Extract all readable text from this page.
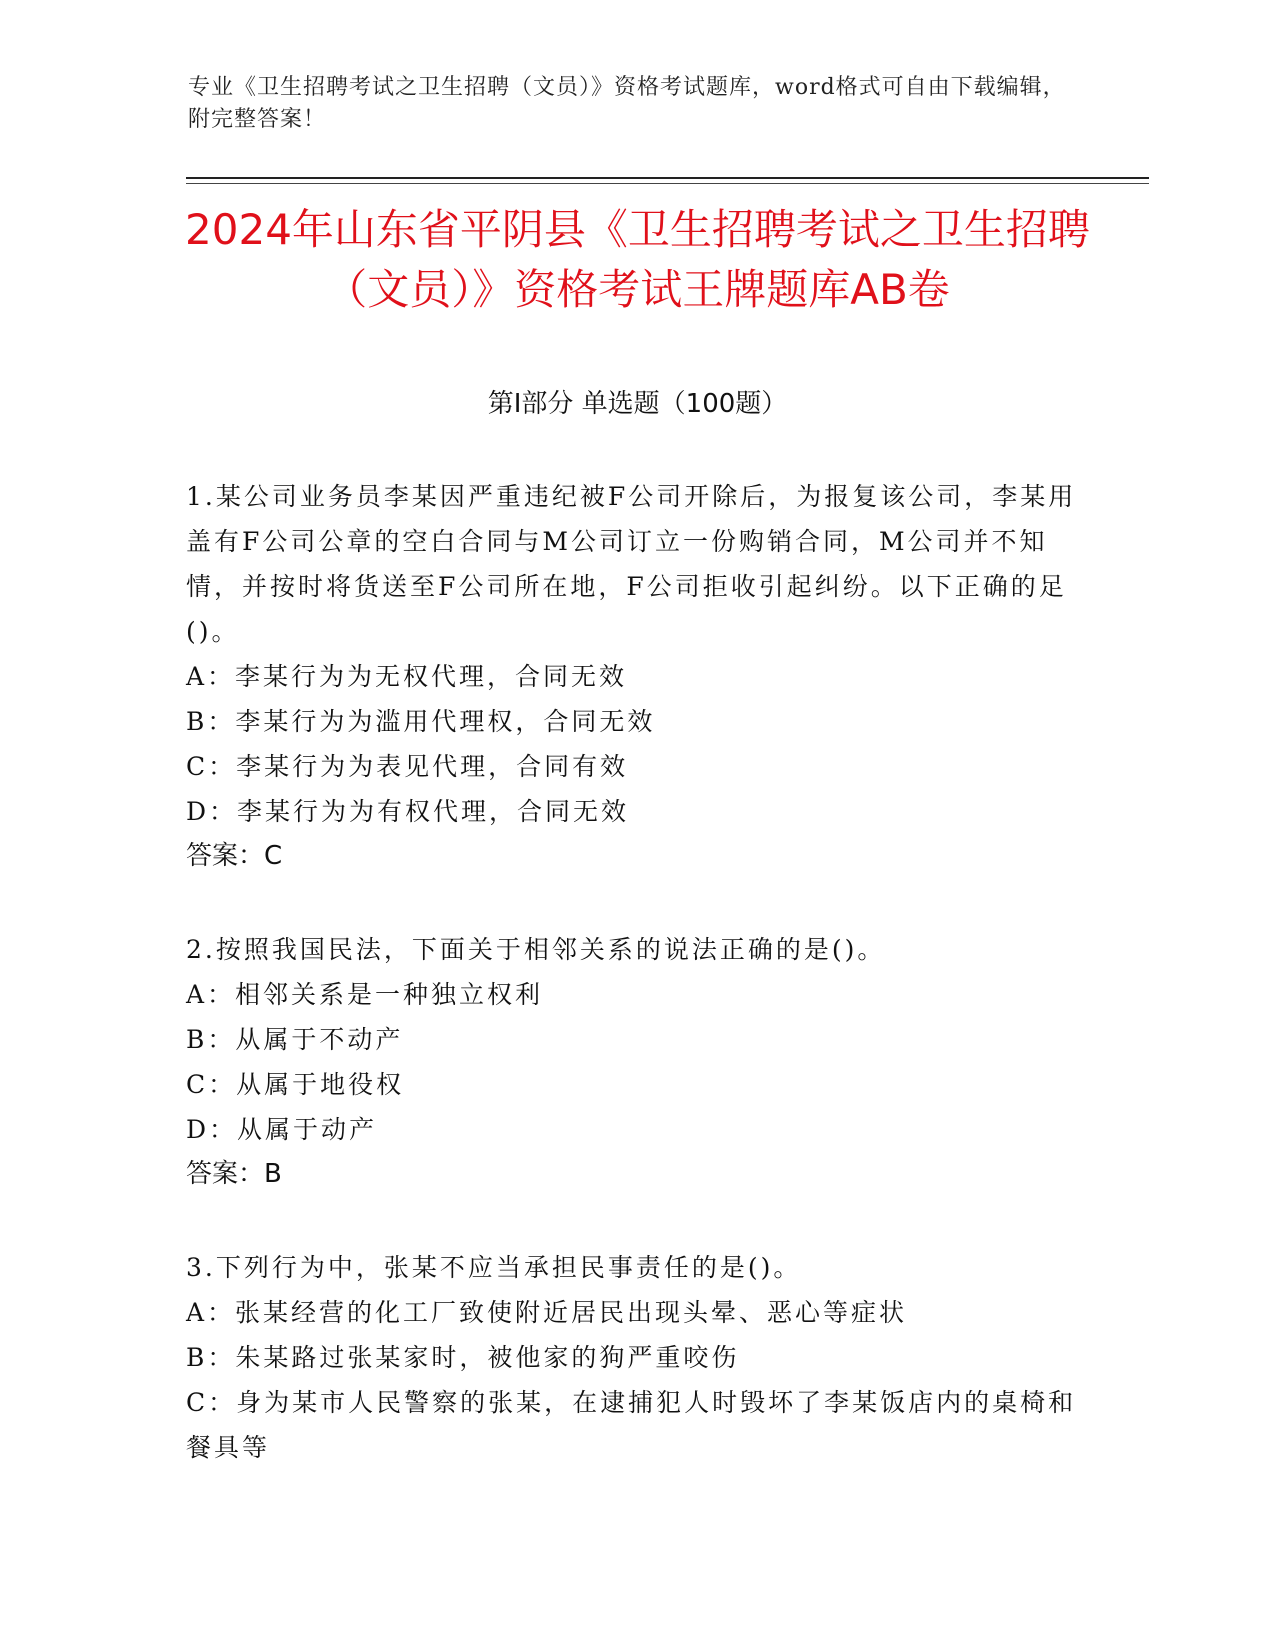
专业《卫生招聘考试之卫生招聘（文员）》资格考试题库，word格式可自由下载编辑，附完整答案！
2024年山东省平阴县《卫生招聘考试之卫生招聘（文员）》资格考试王牌题库AB卷
第Ⅰ部分 单选题（100题）

1.某公司业务员李某因严重违纪被F公司开除后，为报复该公司，李某用盖有F公司公章的空白合同与M公司订立一份购销合同，M公司并不知情，并按时将货送至F公司所在地，F公司拒收引起纠纷。以下正确的足()。

A：李某行为为无权代理，合同无效

B：李某行为为滥用代理权，合同无效

C：李某行为为表见代理，合同有效

D：李某行为为有权代理，合同无效

答案：C

2.按照我国民法，下面关于相邻关系的说法正确的是()。

A：相邻关系是一种独立权利

B：从属于不动产

C：从属于地役权

D：从属于动产

答案：B

3.下列行为中，张某不应当承担民事责任的是()。

A：张某经营的化工厂致使附近居民出现头晕、恶心等症状

B：朱某路过张某家时，被他家的狗严重咬伤

C：身为某市人民警察的张某，在逮捕犯人时毁坏了李某饭店内的桌椅和餐具等
